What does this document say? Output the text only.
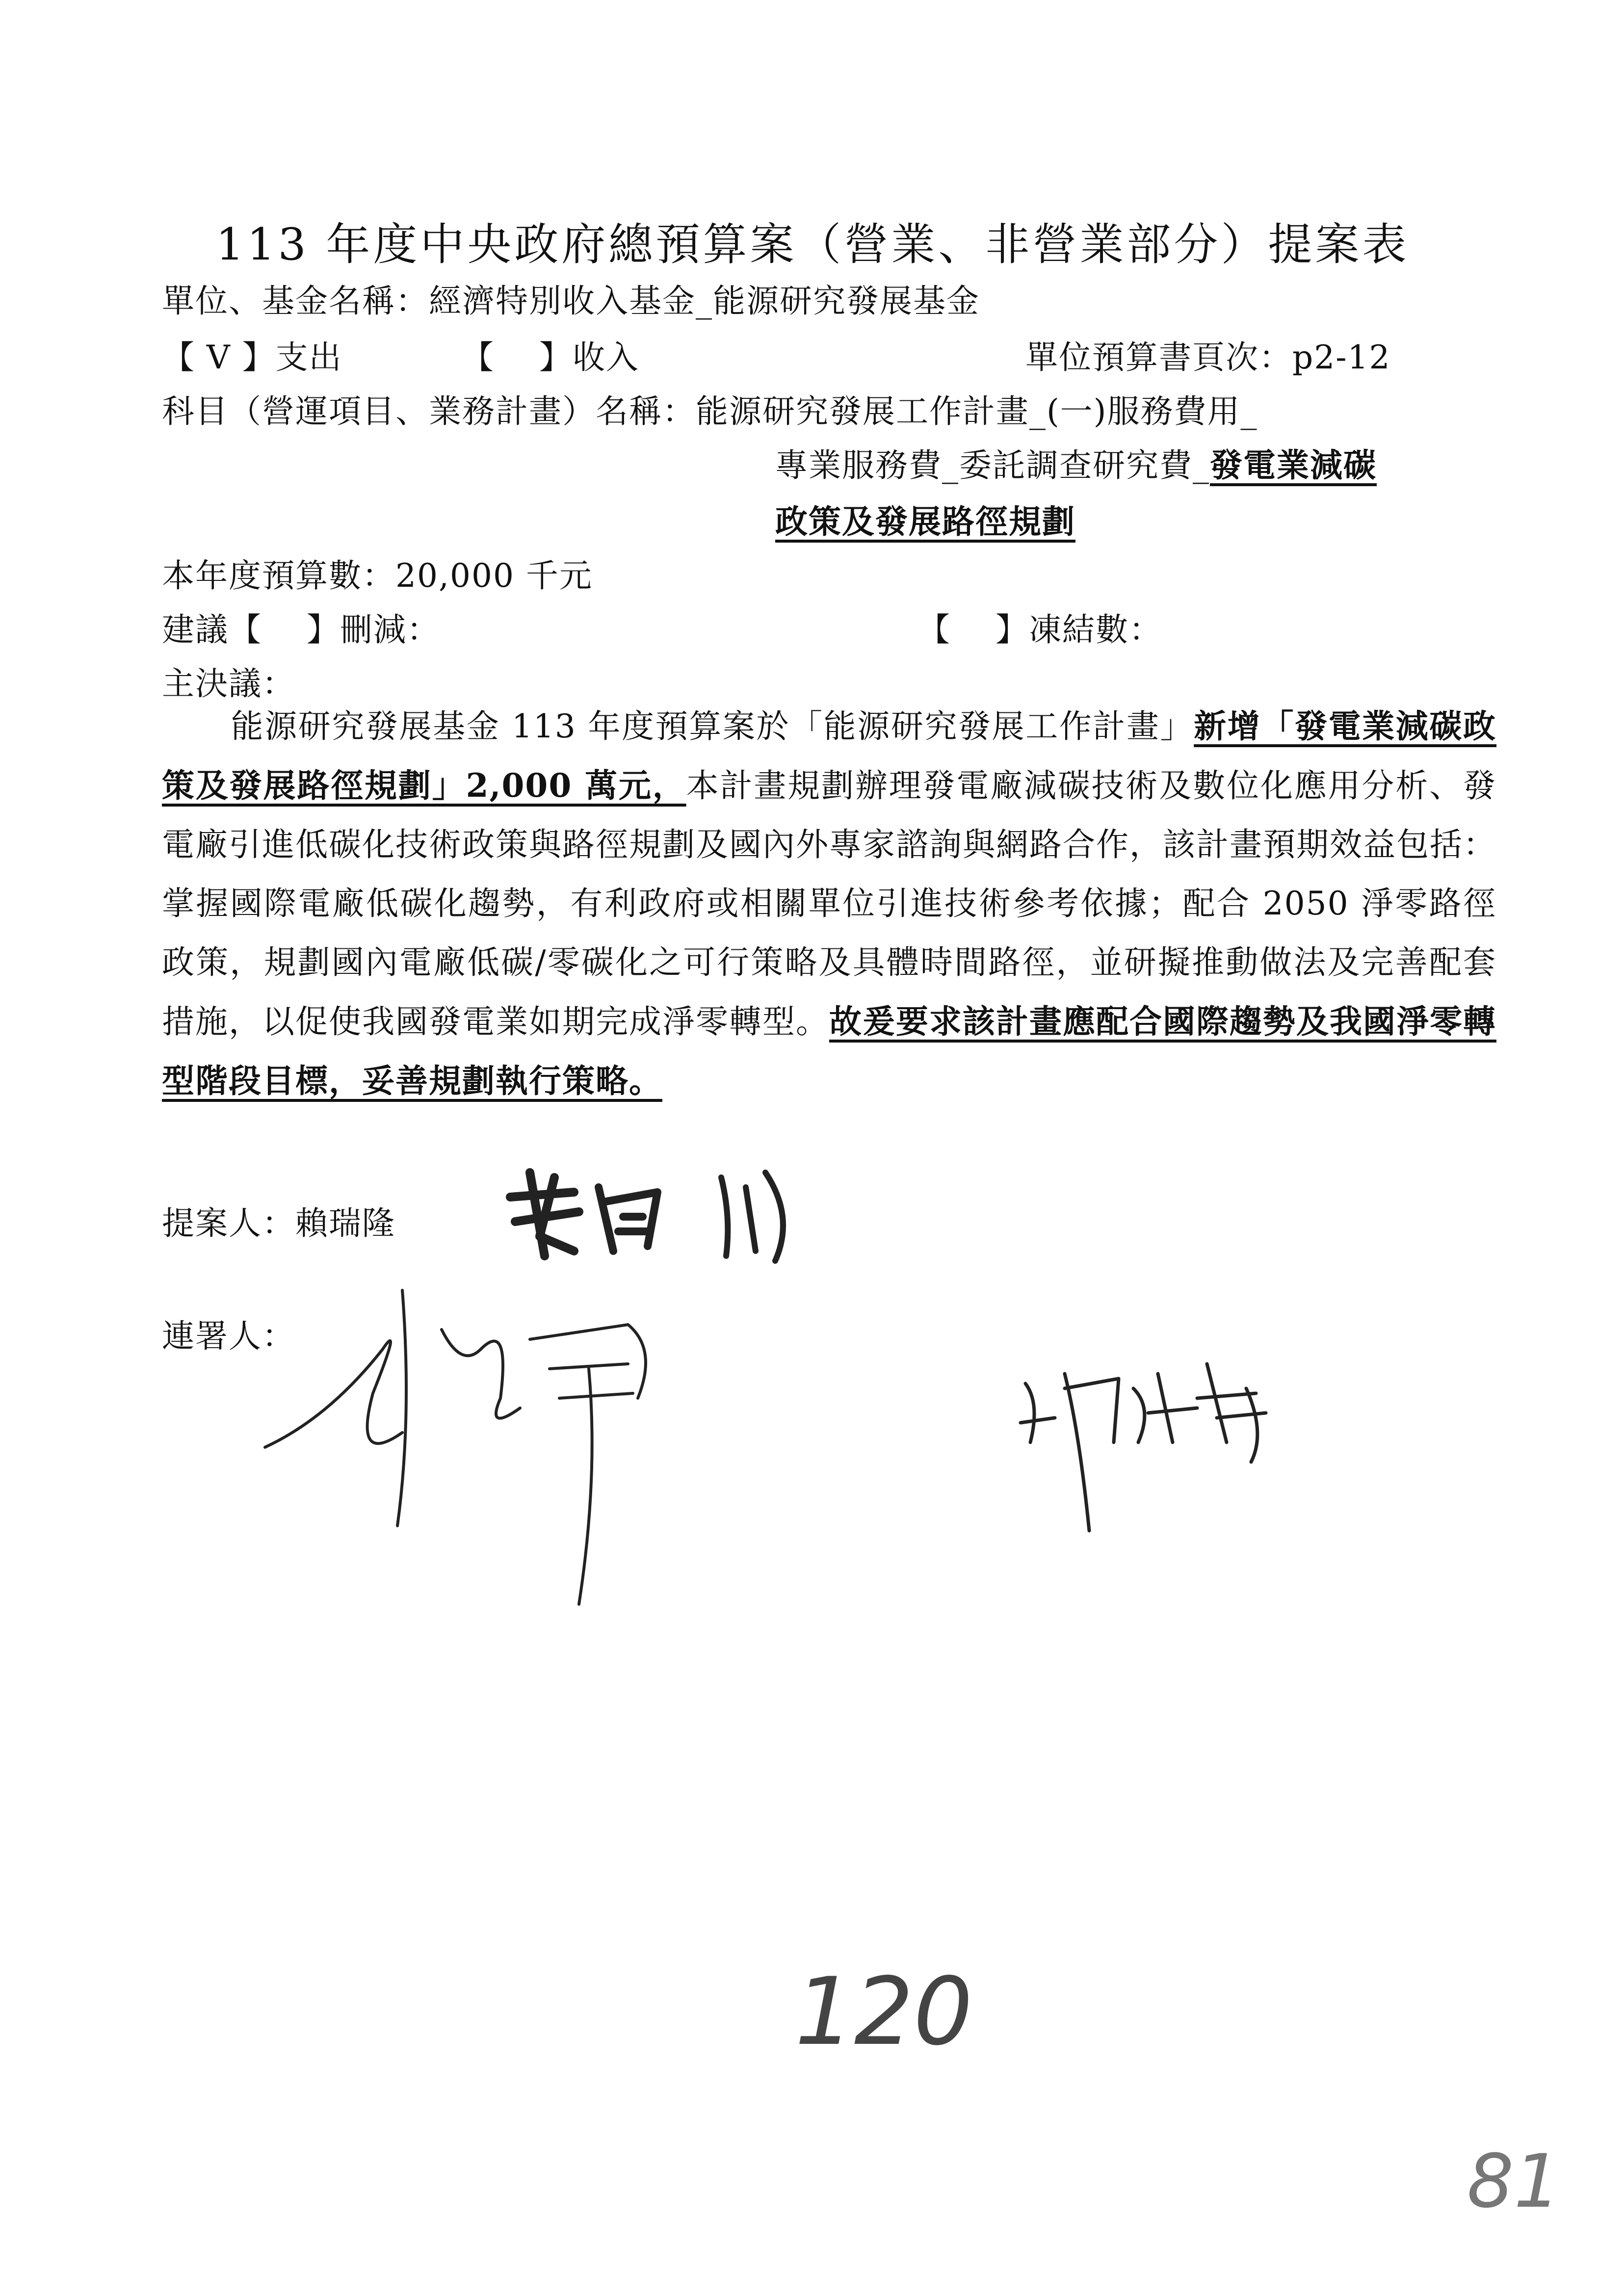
113 年度中央政府總預算案（營業、非營業部分）提案表
單位、基金名稱：經濟特別收入基金_能源研究發展基金
【 V 】支出	【　 】收入	單位預算書頁次：p2-12
科目（營運項目、業務計畫）名稱：能源研究發展工作計畫_(一)服務費用_
專業服務費_委託調查研究費_發電業減碳
政策及發展路徑規劃
本年度預算數：20,000 千元
建議【　 】刪減：	【　 】凍結數：
主決議：
能源研究發展基金 113 年度預算案於「能源研究發展工作計畫」新增「發電業減碳政策及發展路徑規劃」2,000 萬元，本計畫規劃辦理發電廠減碳技術及數位化應用分析、發電廠引進低碳化技術政策與路徑規劃及國內外專家諮詢與網路合作，該計畫預期效益包括：掌握國際電廠低碳化趨勢，有利政府或相關單位引進技術參考依據；配合 2050 淨零路徑政策，規劃國內電廠低碳/零碳化之可行策略及具體時間路徑，並研擬推動做法及完善配套措施，以促使我國發電業如期完成淨零轉型。故爰要求該計畫應配合國際趨勢及我國淨零轉型階段目標，妥善規劃執行策略。
提案人：賴瑞隆
連署人：
120
81
